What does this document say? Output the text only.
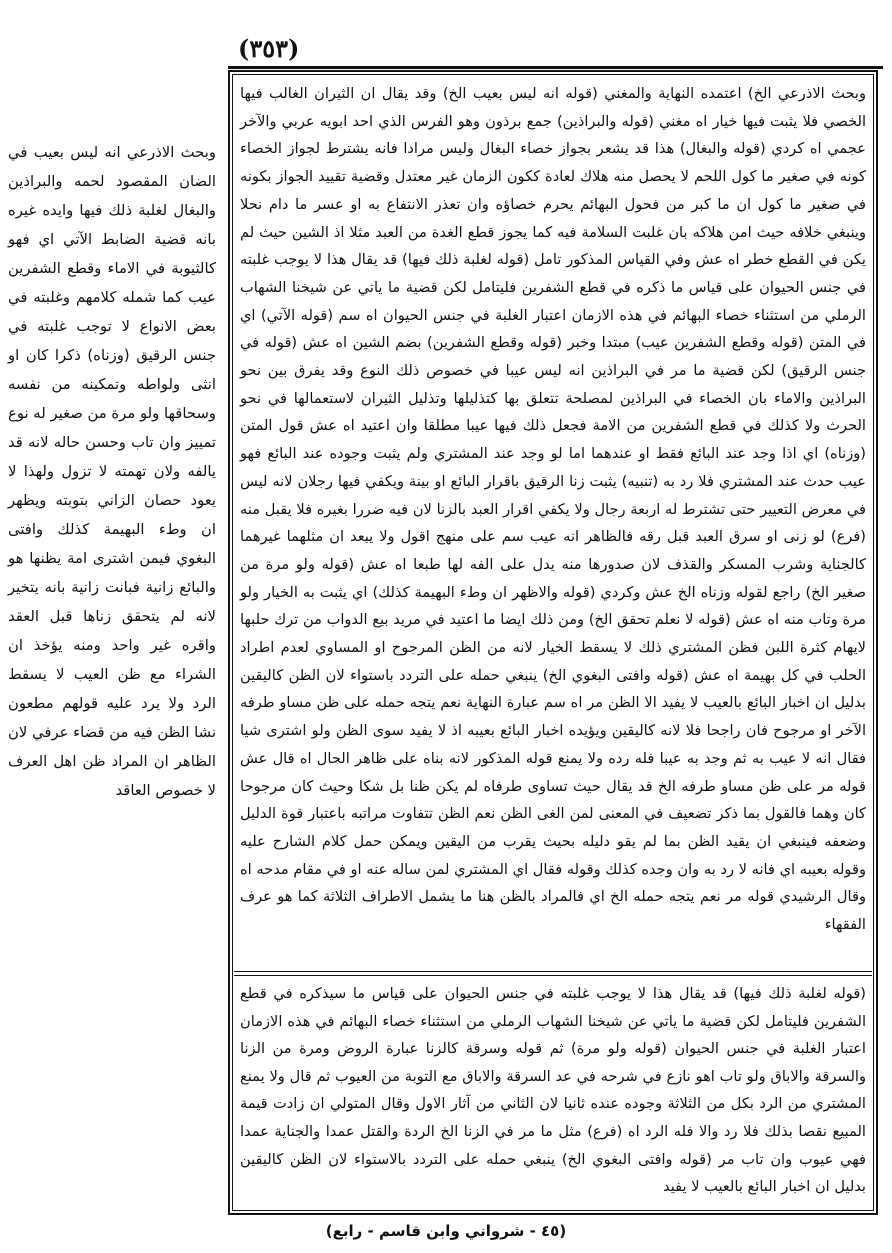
(٣٥٣)
وبحث الاذرعي الخ) اعتمده النهاية والمغني (قوله انه ليس بعيب الخ) وقد يقال ان الثيران الغالب فيها الخصي فلا يثبت فيها خيار اه مغني (قوله والبراذين) جمع برذون وهو الفرس الذي احد ابويه عربي والآخر عجمي اه كردي (قوله والبغال) هذا قد يشعر بجواز خصاء البغال وليس مرادا فانه يشترط لجواز الخصاء كونه في صغير ما كول اللحم لا يحصل منه هلاك لعادة ككون الزمان غير معتدل وقضية تقييد الجواز بكونه في صغير ما كول ان ما كبر من فحول البهائم يحرم خصاؤه وان تعذر الانتفاع به او عسر ما دام نحلا وينبغي خلافه حيث امن هلاكه بان غلبت السلامة فيه كما يجوز قطع الغدة من العبد مثلا اذ الشين حيث لم يكن في القطع خطر اه عش وفي القياس المذكور تامل (قوله لغلبة ذلك فيها) قد يقال هذا لا يوجب غلبته في جنس الحيوان على قياس ما ذكره في قطع الشفرين فليتامل لكن قضية ما ياتي عن شيخنا الشهاب الرملي من استثناء خصاء البهائم في هذه الازمان اعتبار الغلبة في جنس الحيوان اه سم (قوله الآتي) اي في المتن (قوله وقطع الشفرين عيب) مبتدا وخبر (قوله وقطع الشفرين) بضم الشين اه عش (قوله في جنس الرقيق) لكن قضية ما مر في البراذين انه ليس عيبا في خصوص ذلك النوع وقد يفرق بين نحو البراذين والاماء بان الخصاء في البراذين لمصلحة تتعلق بها كتذليلها وتذليل الثيران لاستعمالها في نحو الحرث ولا كذلك في قطع الشفرين من الامة فجعل ذلك فيها عيبا مطلقا وان اعتيد اه عش قول المتن (وزناه) اي اذا وجد عند البائع فقط او عندهما اما لو وجد عند المشتري ولم يثبت وجوده عند البائع فهو عيب حدث عند المشتري فلا رد به (تنبيه) يثبت زنا الرقيق باقرار البائع او بينة ويكفي فيها رجلان لانه ليس في معرض التعيير حتى تشترط له اربعة رجال ولا يكفي اقرار العبد بالزنا لان فيه ضررا بغيره فلا يقبل منه (فرع) لو زنى او سرق العبد قبل رقه فالظاهر انه عيب سم على منهج اقول ولا يبعد ان مثلهما غيرهما كالجناية وشرب المسكر والقذف لان صدورها منه يدل على الفه لها طبعا اه عش (قوله ولو مرة من صغير الخ) راجع لقوله وزناه الخ عش وكردي (قوله والاظهر ان وطء البهيمة كذلك) اي يثبت به الخيار ولو مرة وتاب منه اه عش (قوله لا نعلم تحقق الخ) ومن ذلك ايضا ما اعتيد في مريد بيع الدواب من ترك حلبها لايهام كثرة اللبن فظن المشتري ذلك لا يسقط الخيار لانه من الظن المرجوح او المساوي لعدم اطراد الحلب في كل بهيمة اه عش (قوله وافتى البغوي الخ) ينبغي حمله على التردد باستواء لان الظن كاليقين بدليل ان اخبار البائع بالعيب لا يفيد الا الظن مر اه سم عبارة النهاية نعم يتجه حمله على ظن مساو طرفه الآخر او مرجوح فان راجحا فلا لانه كاليقين ويؤيده اخبار البائع بعيبه اذ لا يفيد سوى الظن ولو اشترى شيا فقال انه لا عيب به ثم وجد به عيبا فله رده ولا يمنع قوله المذكور لانه بناه على ظاهر الحال اه قال عش قوله مر على ظن مساو طرفه الخ قد يقال حيث تساوى طرفاه لم يكن ظنا بل شكا وحيث كان مرجوحا كان وهما فالقول بما ذكر تضعيف في المعنى لمن الغى الظن نعم الظن تتفاوت مراتبه باعتبار قوة الدليل وضعفه فينبغي ان يقيد الظن بما لم يقو دليله بحيث يقرب من اليقين ويمكن حمل كلام الشارح عليه وقوله بعيبه اي فانه لا رد به وان وجده كذلك وقوله فقال اي المشتري لمن ساله عنه او في مقام مدحه اه وقال الرشيدي قوله مر نعم يتجه حمله الخ اي فالمراد بالظن هنا ما يشمل الاطراف الثلاثة كما هو عرف الفقهاء
(قوله لغلبة ذلك فيها) قد يقال هذا لا يوجب غلبته في جنس الحيوان على قياس ما سيذكره في قطع الشفرين فليتامل لكن قضية ما ياتي عن شيخنا الشهاب الرملي من استثناء خصاء البهائم في هذه الازمان اعتبار الغلبة في جنس الحيوان (قوله ولو مرة) ثم قوله وسرقة كالزنا عبارة الروض ومرة من الزنا والسرقة والاباق ولو تاب اهو نازع في شرحه في عد السرقة والاباق مع التوبة من العيوب ثم قال ولا يمنع المشتري من الرد بكل من الثلاثة وجوده عنده ثانيا لان الثاني من آثار الاول وقال المتولي ان زادت قيمة المبيع نقصا بذلك فلا رد والا فله الرد اه (فرع) مثل ما مر في الزنا الخ الردة والقتل عمدا والجناية عمدا فهي عيوب وان تاب مر (قوله وافتى البغوي الخ) ينبغي حمله على التردد بالاستواء لان الظن كاليقين بدليل ان اخبار البائع بالعيب لا يفيد
وبحث الاذرعي انه ليس بعيب في الضان المقصود لحمه والبراذين والبغال لغلبة ذلك فيها وايده غيره بانه قضية الضابط الآتي اي فهو كالثيوبة في الاماء وقطع الشفرين عيب كما شمله كلامهم وغلبته في بعض الانواع لا توجب غلبته في جنس الرقيق (وزناه) ذكرا كان او انثى ولواطه وتمكينه من نفسه وسحاقها ولو مرة من صغير له نوع تمييز وان تاب وحسن حاله لانه قد يالفه ولان تهمته لا تزول ولهذا لا يعود حصان الزاني بتوبته ويظهر ان وطء البهيمة كذلك وافتى البغوي فيمن اشترى امة يظنها هو والبائع زانية فبانت زانية بانه يتخير لانه لم يتحقق زناها قبل العقد واقره غير واحد ومنه يؤخذ ان الشراء مع ظن العيب لا يسقط الرد ولا يرد عليه قولهم مطعون نشا الظن فيه من قضاء عرفي لان الظاهر ان المراد ظن اهل العرف لا خصوص العاقد
(٤٥ - شرواني وابن قاسم - رابع)
